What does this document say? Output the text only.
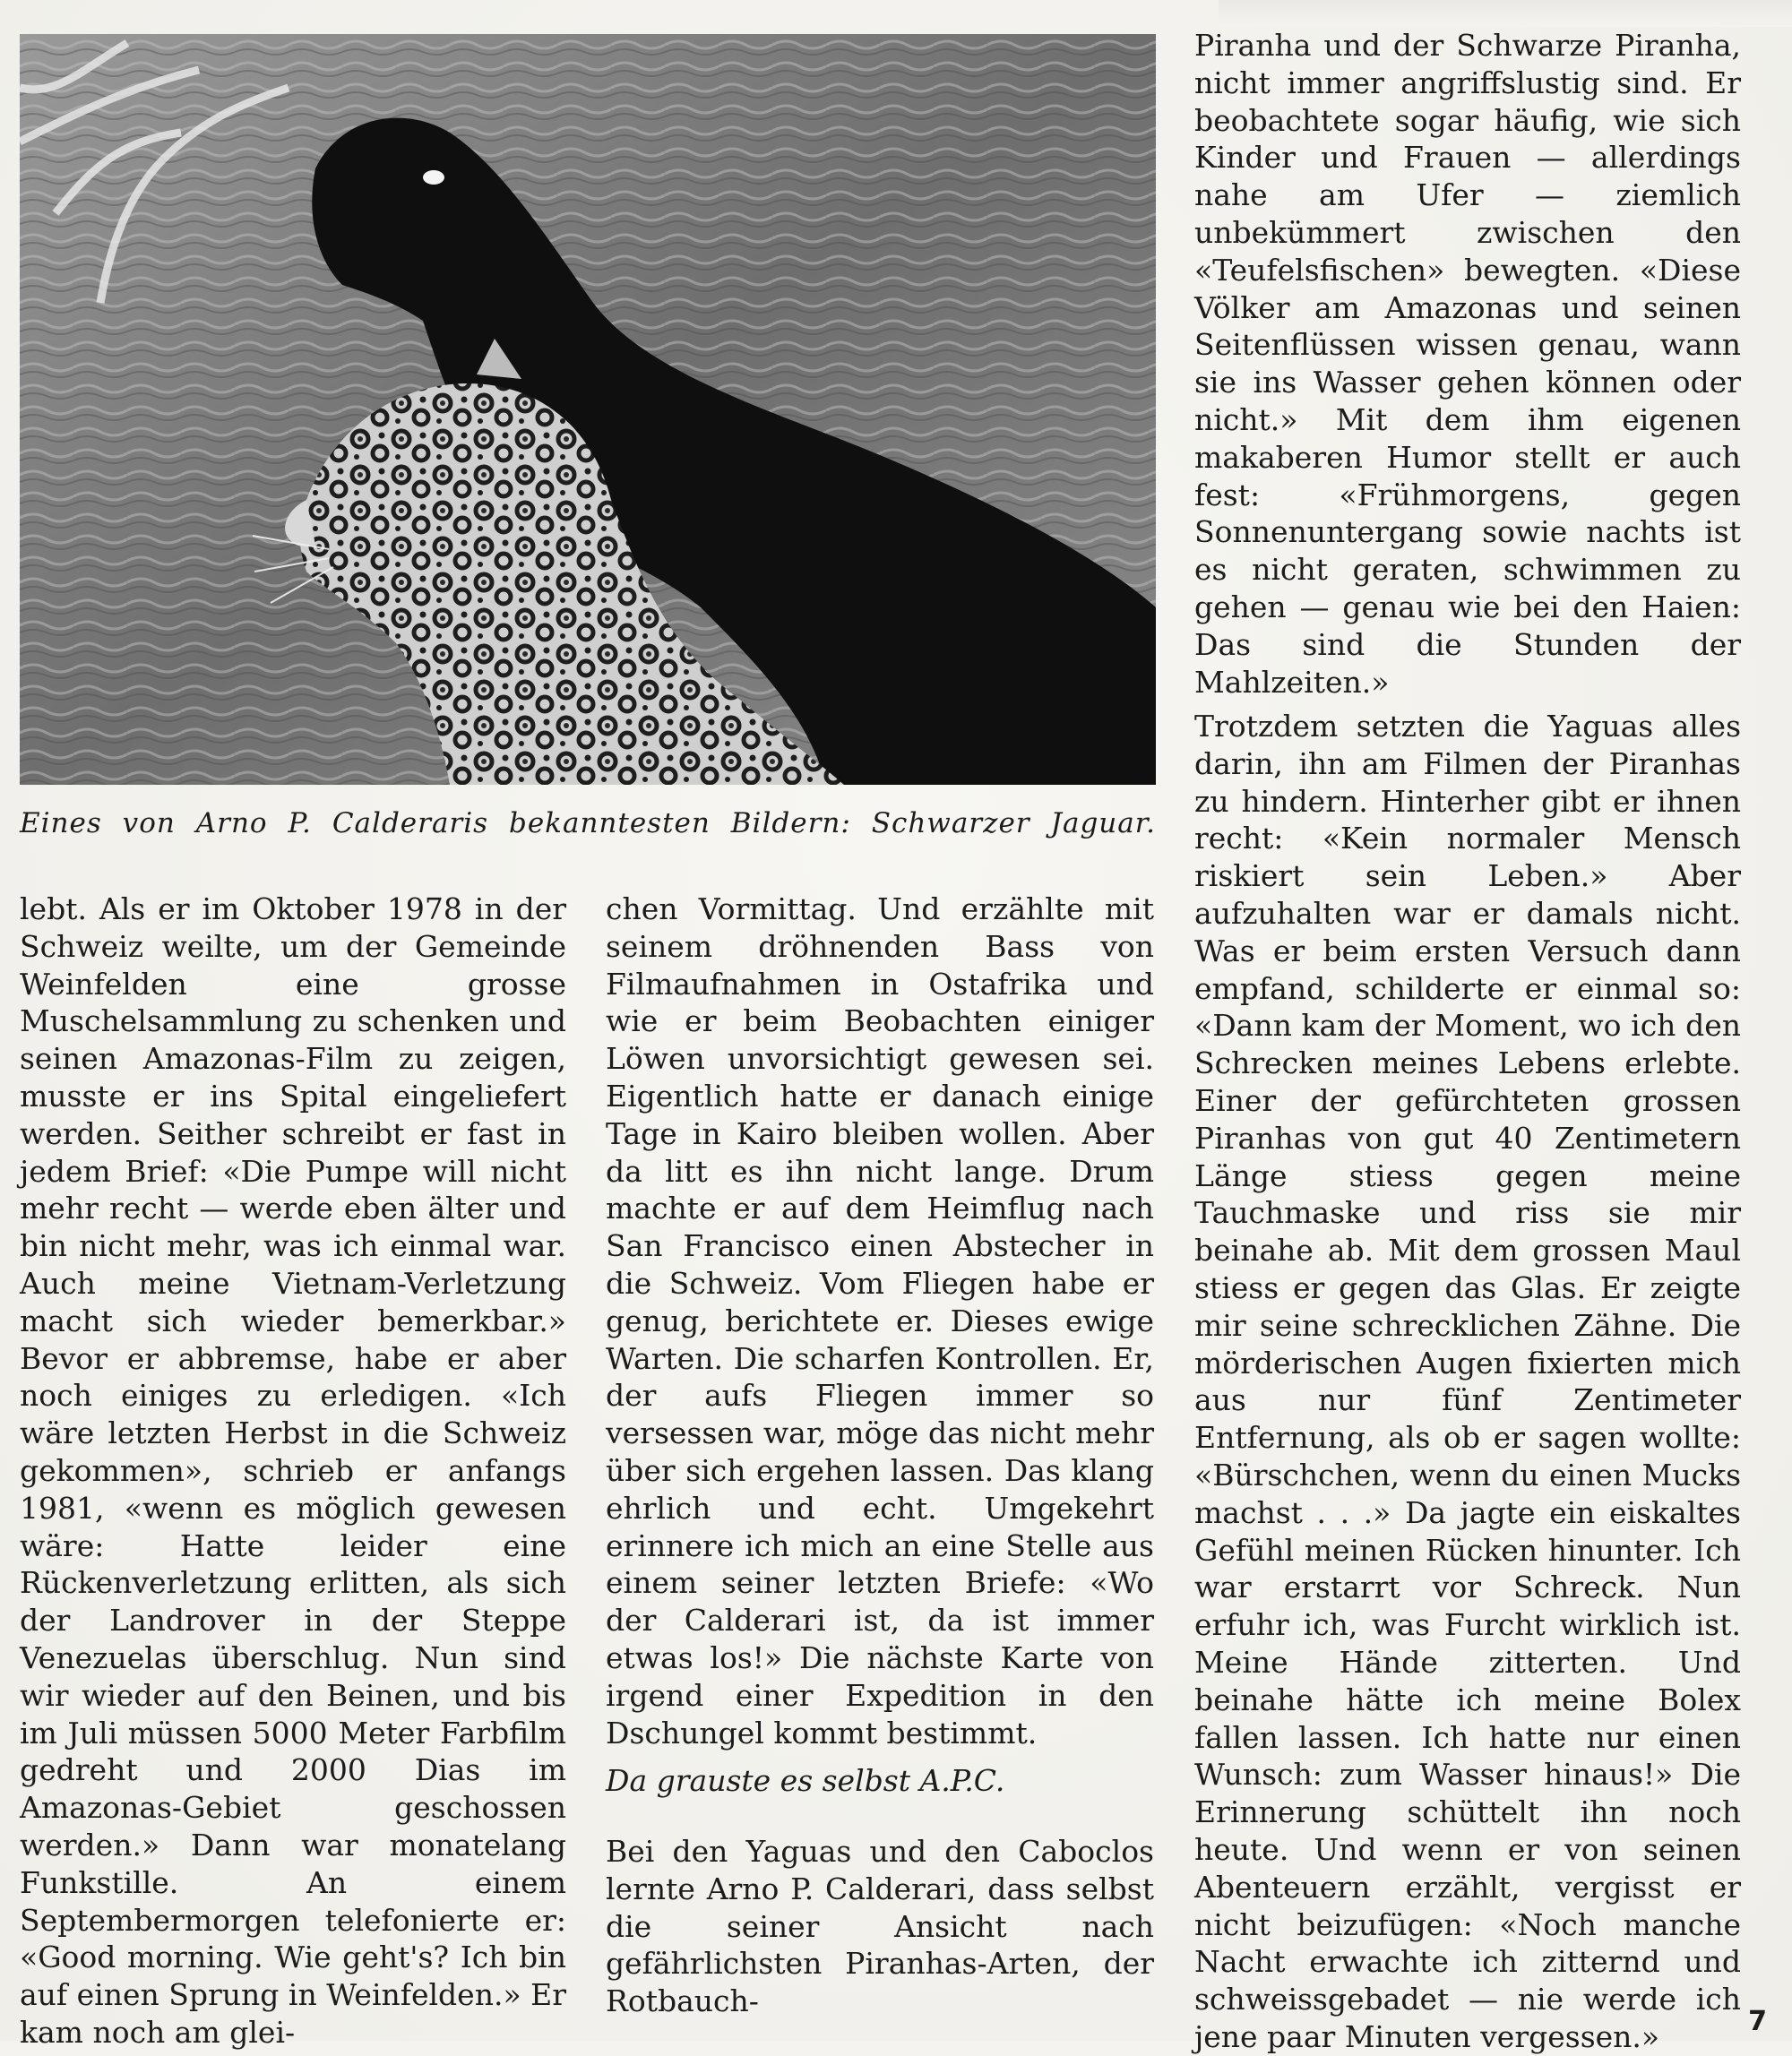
Eines von Arno P. Calderaris bekanntesten Bildern: Schwarzer Jaguar.

Piranha und der Schwarze Piranha, nicht immer angriffslustig sind. Er beobachtete sogar häufig, wie sich Kinder und Frauen — allerdings nahe am Ufer — ziemlich unbekümmert zwischen den «Teufelsfischen» bewegten. «Diese Völker am Amazonas und seinen Seitenflüssen wissen genau, wann sie ins Wasser gehen können oder nicht.» Mit dem ihm eigenen makaberen Humor stellt er auch fest: «Frühmorgens, gegen Sonnenuntergang sowie nachts ist es nicht geraten, schwimmen zu gehen — genau wie bei den Haien: Das sind die Stunden der Mahlzeiten.»

Trotzdem setzten die Yaguas alles darin, ihn am Filmen der Piranhas zu hindern. Hinterher gibt er ihnen recht: «Kein normaler Mensch riskiert sein Leben.» Aber aufzuhalten war er damals nicht. Was er beim ersten Versuch dann empfand, schilderte er einmal so: «Dann kam der Moment, wo ich den Schrecken meines Lebens erlebte. Einer der gefürchteten grossen Piranhas von gut 40 Zentimetern Länge stiess gegen meine Tauchmaske und riss sie mir beinahe ab. Mit dem grossen Maul stiess er gegen das Glas. Er zeigte mir seine schrecklichen Zähne. Die mörderischen Augen fixierten mich aus nur fünf Zentimeter Entfernung, als ob er sagen wollte: «Bürschchen, wenn du einen Mucks machst . . .» Da jagte ein eiskaltes Gefühl meinen Rücken hinunter. Ich war erstarrt vor Schreck. Nun erfuhr ich, was Furcht wirklich ist. Meine Hände zitterten. Und beinahe hätte ich meine Bolex fallen lassen. Ich hatte nur einen Wunsch: zum Wasser hinaus!» Die Erinnerung schüttelt ihn noch heute. Und wenn er von seinen Abenteuern erzählt, vergisst er nicht beizufügen: «Noch manche Nacht erwachte ich zitternd und schweissgebadet — nie werde ich jene paar Minuten vergessen.»

lebt. Als er im Oktober 1978 in der Schweiz weilte, um der Gemeinde Weinfelden eine grosse Muschelsammlung zu schenken und seinen Amazonas-Film zu zeigen, musste er ins Spital eingeliefert werden. Seither schreibt er fast in jedem Brief: «Die Pumpe will nicht mehr recht — werde eben älter und bin nicht mehr, was ich einmal war. Auch meine Vietnam-Verletzung macht sich wieder bemerkbar.» Bevor er abbremse, habe er aber noch einiges zu erledigen. «Ich wäre letzten Herbst in die Schweiz gekommen», schrieb er anfangs 1981, «wenn es möglich gewesen wäre: Hatte leider eine Rückenverletzung erlitten, als sich der Landrover in der Steppe Venezuelas überschlug. Nun sind wir wieder auf den Beinen, und bis im Juli müssen 5000 Meter Farbfilm gedreht und 2000 Dias im Amazonas-Gebiet geschossen werden.» Dann war monatelang Funkstille. An einem Septembermorgen telefonierte er: «Good morning. Wie geht's? Ich bin auf einen Sprung in Weinfelden.» Er kam noch am glei-

chen Vormittag. Und erzählte mit seinem dröhnenden Bass von Filmaufnahmen in Ostafrika und wie er beim Beobachten einiger Löwen unvorsichtigt gewesen sei. Eigentlich hatte er danach einige Tage in Kairo bleiben wollen. Aber da litt es ihn nicht lange. Drum machte er auf dem Heimflug nach San Francisco einen Abstecher in die Schweiz. Vom Fliegen habe er genug, berichtete er. Dieses ewige Warten. Die scharfen Kontrollen. Er, der aufs Fliegen immer so versessen war, möge das nicht mehr über sich ergehen lassen. Das klang ehrlich und echt. Umgekehrt erinnere ich mich an eine Stelle aus einem seiner letzten Briefe: «Wo der Calderari ist, da ist immer etwas los!» Die nächste Karte von irgend einer Expedition in den Dschungel kommt bestimmt.

Da grauste es selbst A.P.C.

Bei den Yaguas und den Caboclos lernte Arno P. Calderari, dass selbst die seiner Ansicht nach gefährlichsten Piranhas-Arten, der Rotbauch-

7
